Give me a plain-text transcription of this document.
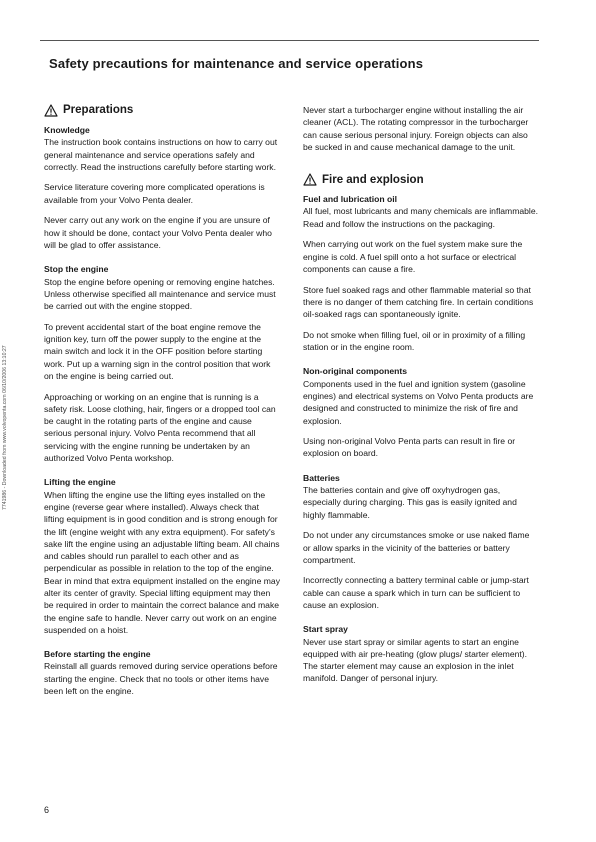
Safety precautions for maintenance and service operations
7741986 - Downloaded from www.volvopenta.com 06/10/2006 13:10:27
Preparations
Knowledge

The instruction book contains instructions on how to carry out general maintenance and service operations safely and correctly. Read the instructions carefully before starting work.

Service literature covering more complicated operations is available from your Volvo Penta dealer.

Never carry out any work on the engine if you are unsure of how it should be done, contact your Volvo Penta dealer who will be glad to offer assistance.

Stop the engine

Stop the engine before opening or removing engine hatches. Unless otherwise specified all maintenance and service must be carried out with the engine stopped.

To prevent accidental start of the boat engine remove the ignition key, turn off the power supply to the engine at the main switch and lock it in the OFF position before starting work. Put up a warning sign in the control position that work on the engine is being carried out.

Approaching or working on an engine that is running is a safety risk. Loose clothing, hair, fingers or a dropped tool can be caught in the rotating parts of the engine and cause serious personal injury. Volvo Penta recommend that all servicing with the engine running be undertaken by an authorized Volvo Penta workshop.

Lifting the engine

When lifting the engine use the lifting eyes installed on the engine (reverse gear where installed). Always check that lifting equipment is in good condition and is strong enough for the lift (engine weight with any extra equipment). For safety's sake lift the engine using an adjustable lifting beam. All chains and cables should run parallel to each other and as perpendicular as possible in relation to the top of the engine. Bear in mind that extra equipment installed on the engine may alter its center of gravity. Special lifting equipment may then be required in order to maintain the correct balance and make the engine safe to handle. Never carry out work on an engine suspended on a hoist.

Before starting the engine

Reinstall all guards removed during service operations before starting the engine. Check that no tools or other items have been left on the engine.

Never start a turbocharger engine without installing the air cleaner (ACL). The rotating compressor in the turbocharger can cause serious personal injury. Foreign objects can also be sucked in and cause mechanical damage to the unit.

Fire and explosion
Fuel and lubrication oil

All fuel, most lubricants and many chemicals are inflammable. Read and follow the instructions on the packaging.

When carrying out work on the fuel system make sure the engine is cold. A fuel spill onto a hot surface or electrical components can cause a fire.

Store fuel soaked rags and other flammable material so that there is no danger of them catching fire. In certain conditions oil-soaked rags can spontaneously ignite.

Do not smoke when filling fuel, oil or in proximity of a filling station or in the engine room.

Non-original components

Components used in the fuel and ignition system (gasoline engines) and electrical systems on Volvo Penta products are designed and constructed to minimize the risk of fire and explosion.

Using non-original Volvo Penta parts can result in fire or explosion on board.

Batteries

The batteries contain and give off oxyhydrogen gas, especially during charging. This gas is easily ignited and highly flammable.

Do not under any circumstances smoke or use naked flame or allow sparks in the vicinity of the batteries or battery compartment.

Incorrectly connecting a battery terminal cable or jump-start cable can cause a spark which in turn can be sufficient to cause an explosion.

Start spray

Never use start spray or similar agents to start an engine equipped with air pre-heating (glow plugs/ starter element). The starter element may cause an explosion in the inlet manifold. Danger of personal injury.

6
